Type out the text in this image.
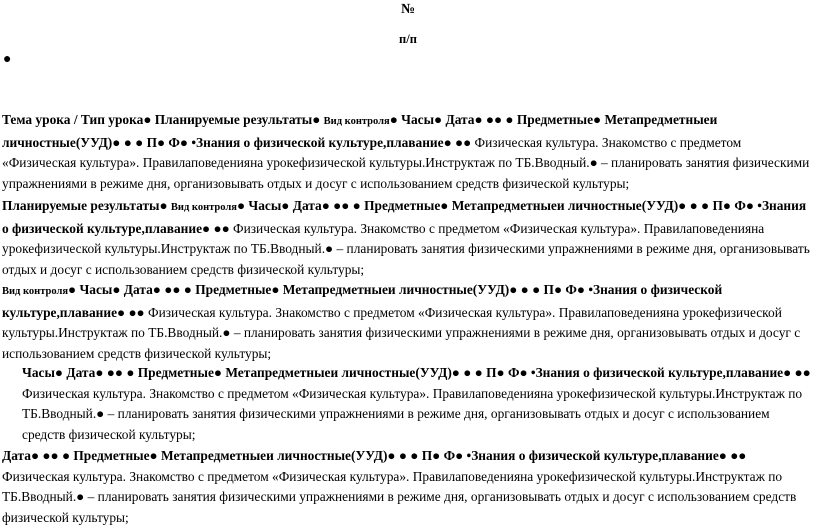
№
п/п
●
Тема урока / Тип урока● Планируемые результаты● Вид контроля● Часы● Дата● ●● ● Предметные● Метапредметныеи личностные(УУД)● ● ● П● Ф● •Знания о физической культуре,плавание● ●● Физическая культура. Знакомство с предметом «Физическая культура». Правилаповеденияна урокефизической культуры.Инструктаж по ТБ.Вводный.● – планировать занятия физическими упражнениями в режиме дня, организовывать отдых и досуг с использованием средств физической культуры;
Планируемые результаты● Вид контроля● Часы● Дата● ●● ● Предметные● Метапредметныеи личностные(УУД)● ● ● П● Ф● •Знания о физической культуре,плавание● ●● Физическая культура. Знакомство с предметом «Физическая культура». Правилаповеденияна урокефизической культуры.Инструктаж по ТБ.Вводный.● – планировать занятия физическими упражнениями в режиме дня, организовывать отдых и досуг с использованием средств физической культуры;
Вид контроля● Часы● Дата● ●● ● Предметные● Метапредметныеи личностные(УУД)● ● ● П● Ф● •Знания о физической культуре,плавание● ●● Физическая культура. Знакомство с предметом «Физическая культура». Правилаповеденияна урокефизической культуры.Инструктаж по ТБ.Вводный.● – планировать занятия физическими упражнениями в режиме дня, организовывать отдых и досуг с использованием средств физической культуры;
Часы● Дата● ●● ● Предметные● Метапредметныеи личностные(УУД)● ● ● П● Ф● •Знания о физической культуре,плавание● ●● Физическая культура. Знакомство с предметом «Физическая культура». Правилаповеденияна урокефизической культуры.Инструктаж по ТБ.Вводный.● – планировать занятия физическими упражнениями в режиме дня, организовывать отдых и досуг с использованием средств физической культуры;
Дата● ●● ● Предметные● Метапредметныеи личностные(УУД)● ● ● П● Ф● •Знания о физической культуре,плавание● ●● Физическая культура. Знакомство с предметом «Физическая культура». Правилаповеденияна урокефизической культуры.Инструктаж по ТБ.Вводный.● – планировать занятия физическими упражнениями в режиме дня, организовывать отдых и досуг с использованием средств физической культуры;
